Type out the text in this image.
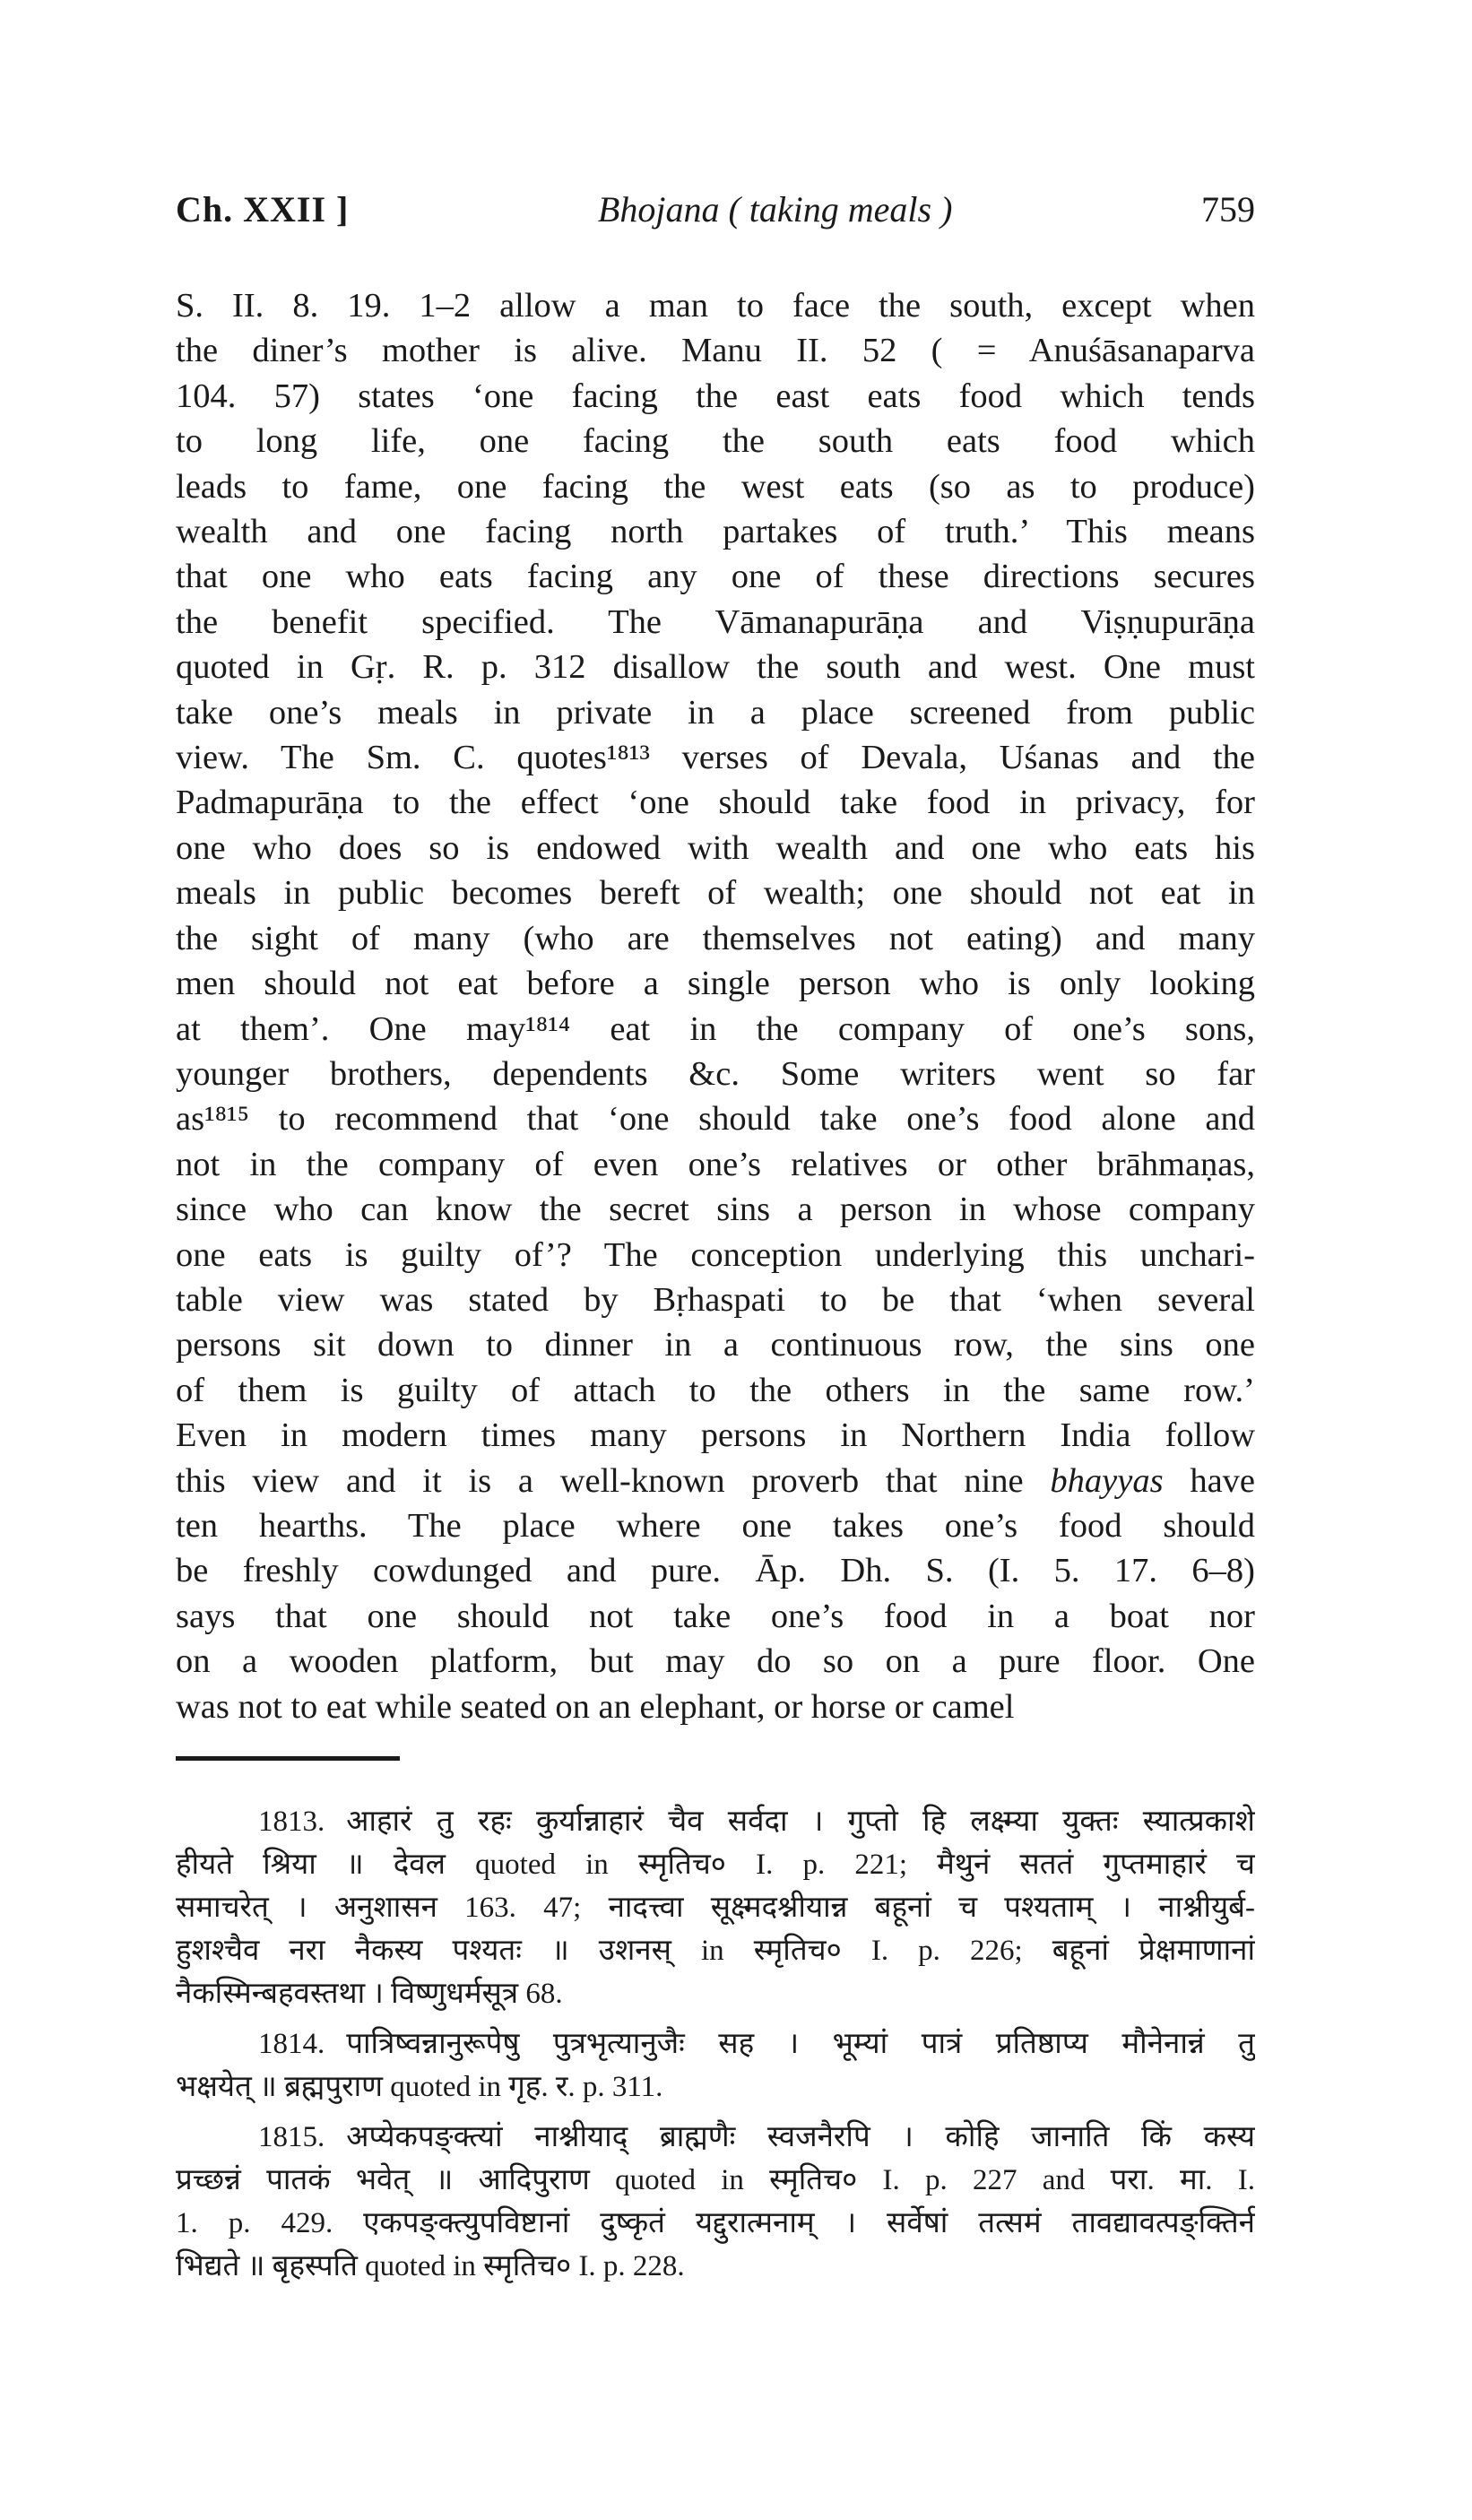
Ch. XXII ]	Bhojana ( taking meals )	759
S. II. 8. 19. 1–2 allow a man to face the south, except when
the diner’s mother is alive. Manu II. 52 ( = Anuśāsanaparva
104. 57) states ‘one facing the east eats food which tends
to long life, one facing the south eats food which
leads to fame, one facing the west eats (so as to produce)
wealth and one facing north partakes of truth.’ This means
that one who eats facing any one of these directions secures
the benefit specified. The Vāmanapurāṇa and Viṣṇupurāṇa
quoted in Gṛ. R. p. 312 disallow the south and west. One must
take one’s meals in private in a place screened from public
view. The Sm. C. quotes¹⁸¹³ verses of Devala, Uśanas and the
Padmapurāṇa to the effect ‘one should take food in privacy, for
one who does so is endowed with wealth and one who eats his
meals in public becomes bereft of wealth; one should not eat in
the sight of many (who are themselves not eating) and many
men should not eat before a single person who is only looking
at them’. One may¹⁸¹⁴ eat in the company of one’s sons,
younger brothers, dependents &c. Some writers went so far
as¹⁸¹⁵ to recommend that ‘one should take one’s food alone and
not in the company of even one’s relatives or other brāhmaṇas,
since who can know the secret sins a person in whose company
one eats is guilty of’? The conception underlying this unchari-
table view was stated by Bṛhaspati to be that ‘when several
persons sit down to dinner in a continuous row, the sins one
of them is guilty of attach to the others in the same row.’
Even in modern times many persons in Northern India follow
this view and it is a well-known proverb that nine bhayyas have
ten hearths. The place where one takes one’s food should
be freshly cowdunged and pure. Āp. Dh. S. (I. 5. 17. 6–8)
says that one should not take one’s food in a boat nor
on a wooden platform, but may do so on a pure floor. One
was not to eat while seated on an elephant, or horse or camel
1813. आहारं तु रहः कुर्यान्नाहारं चैव सर्वदा । गुप्तो हि लक्ष्म्या युक्तः स्यात्प्रकाशे
हीयते श्रिया ॥ देवल quoted in स्मृतिच० I. p. 221; मैथुनं सततं गुप्तमाहारं च
समाचरेत् । अनुशासन 163. 47; नादत्त्वा सूक्ष्मदश्नीयान्न बहूनां च पश्यताम् । नाश्नीयुर्ब-
हुशश्चैव नरा नैकस्य पश्यतः ॥ उशनस् in स्मृतिच० I. p. 226; बहूनां प्रेक्षमाणानां
नैकस्मिन्बहवस्तथा । विष्णुधर्मसूत्र 68.
1814. पात्रिष्वन्नानुरूपेषु पुत्रभृत्यानुजैः सह । भूम्यां पात्रं प्रतिष्ठाप्य मौनेनान्नं तु
भक्षयेत् ॥ ब्रह्मपुराण quoted in गृह. र. p. 311.
1815. अप्येकपङ्क्त्यां नाश्नीयाद् ब्राह्मणैः स्वजनैरपि । कोहि जानाति किं कस्य
प्रच्छन्नं पातकं भवेत् ॥ आदिपुराण quoted in स्मृतिच० I. p. 227 and परा. मा. I.
1. p. 429. एकपङ्क्त्युपविष्टानां दुष्कृतं यद्दुरात्मनाम् । सर्वेषां तत्समं तावद्यावत्पङ्क्तिर्न
भिद्यते ॥ बृहस्पति quoted in स्मृतिच० I. p. 228.
